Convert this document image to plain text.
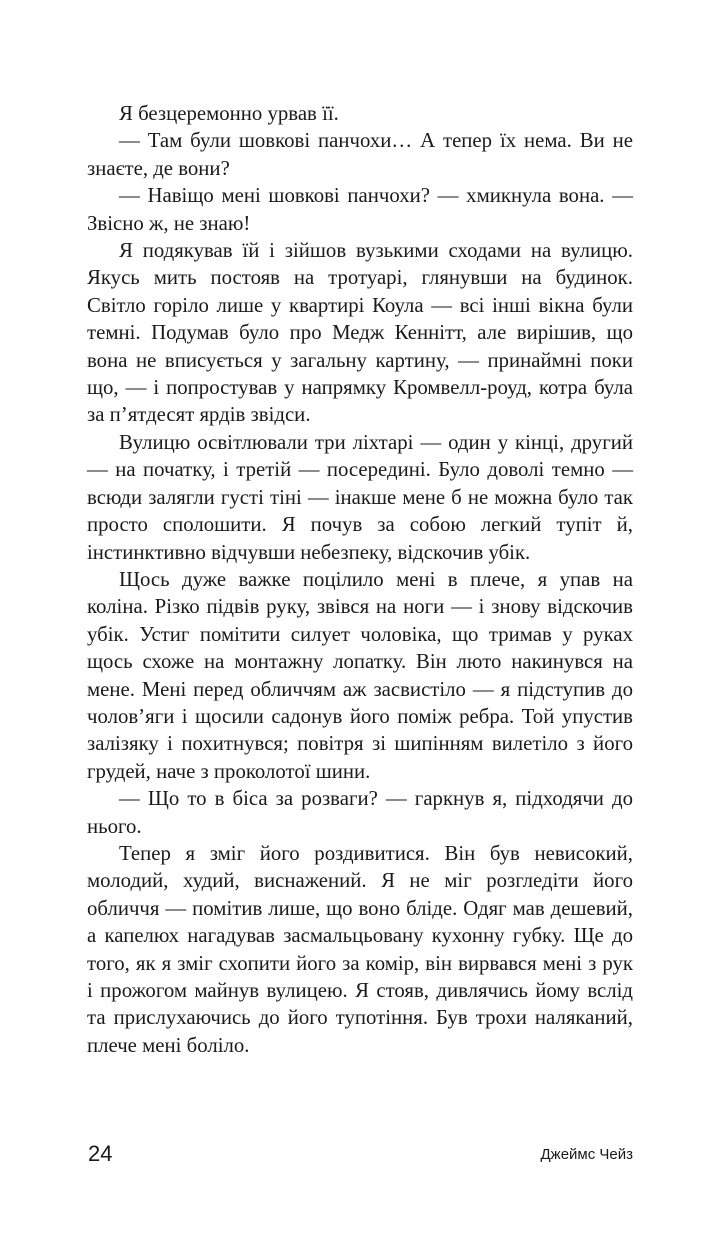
Я безцеремонно урвав її.

— Там були шовкові панчохи… А тепер їх нема. Ви не знаєте, де вони?

— Навіщо мені шовкові панчохи? — хмикнула вона. — Звісно ж, не знаю!

Я подякував їй і зійшов вузькими сходами на вулицю. Якусь мить постояв на тротуарі, глянувши на будинок. Світло горіло лише у квартирі Коула — всі інші вікна були темні. Подумав було про Медж Кеннітт, але вирішив, що вона не вписується у загальну картину, — принаймні поки що, — і попростував у напрямку Кромвелл-роуд, котра була за п’ятдесят ярдів звідси.

Вулицю освітлювали три ліхтарі — один у кінці, другий — на початку, і третій — посередині. Було доволі темно — всюди залягли густі тіні — інакше мене б не можна було так просто сполошити. Я почув за собою легкий тупіт й, інстинктивно відчувши небезпеку, відскочив убік.

Щось дуже важке поцілило мені в плече, я упав на коліна. Різко підвів руку, звівся на ноги — і знову відскочив убік. Устиг помітити силует чоловіка, що тримав у руках щось схоже на монтажну лопатку. Він люто накинувся на мене. Мені перед обличчям аж засвистіло — я підступив до чолов’яги і щосили садонув його поміж ребра. Той упустив залізяку і похитнувся; повітря зі шипінням вилетіло з його грудей, наче з проколотої шини.

— Що то в біса за розваги? — гаркнув я, підходячи до нього.

Тепер я зміг його роздивитися. Він був невисокий, молодий, худий, виснажений. Я не міг розгледіти його обличчя — помітив лише, що воно бліде. Одяг мав дешевий, а капелюх нагадував засмальцьовану кухонну губку. Ще до того, як я зміг схопити його за комір, він вирвався мені з рук і прожогом майнув вулицею. Я стояв, дивлячись йому вслід та прислухаючись до його тупотіння. Був трохи наляканий, плече мені боліло.

24	Джеймс Чейз
